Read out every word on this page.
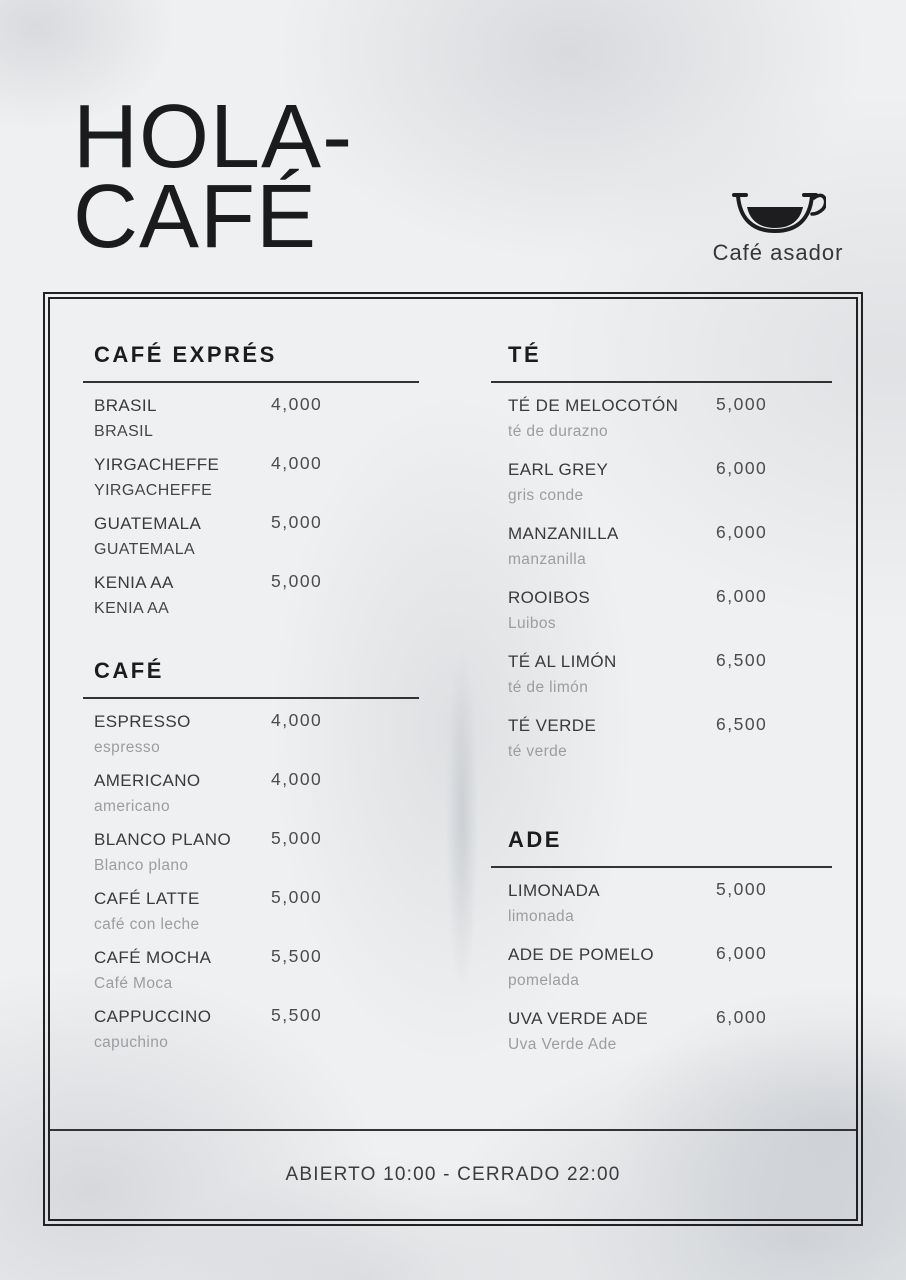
HOLA-
CAFÉ	Café asador
CAFÉ EXPRÉS
BRASIL
BRASIL
4,000
YIRGACHEFFE
YIRGACHEFFE
4,000
GUATEMALA
GUATEMALA
5,000
KENIA AA
KENIA AA
5,000
CAFÉ
ESPRESSO
espresso
4,000
AMERICANO
americano
4,000
BLANCO PLANO
Blanco plano
5,000
CAFÉ LATTE
café con leche
5,000
CAFÉ MOCHA
Café Moca
5,500
CAPPUCCINO
capuchino
5,500
TÉ
TÉ DE MELOCOTÓN
té de durazno
5,000
EARL GREY
gris conde
6,000
MANZANILLA
manzanilla
6,000
ROOIBOS
Luibos
6,000
TÉ AL LIMÓN
té de limón
6,500
TÉ VERDE
té verde
6,500
ADE
LIMONADA
limonada
5,000
ADE DE POMELO
pomelada
6,000
UVA VERDE ADE
Uva Verde Ade
6,000
ABIERTO 10:00 - CERRADO 22:00
